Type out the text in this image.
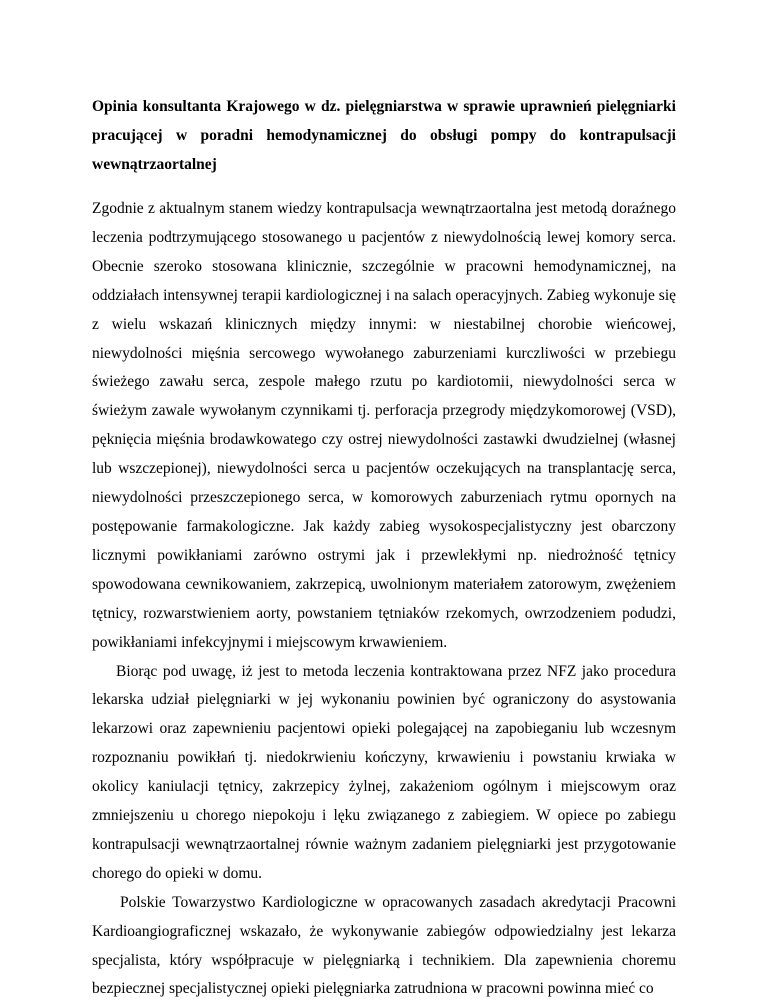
Opinia konsultanta Krajowego w dz. pielęgniarstwa w sprawie uprawnień pielęgniarki pracującej w poradni hemodynamicznej do obsługi pompy do kontrapulsacji wewnątrzaortalnej

Zgodnie z aktualnym stanem wiedzy kontrapulsacja wewnątrzaortalna jest metodą doraźnego leczenia podtrzymującego stosowanego u pacjentów z niewydolnością lewej komory serca. Obecnie szeroko stosowana klinicznie, szczególnie w pracowni hemodynamicznej, na oddziałach intensywnej terapii kardiologicznej i na salach operacyjnych. Zabieg wykonuje się z wielu wskazań klinicznych między innymi: w niestabilnej chorobie wieńcowej, niewydolności mięśnia sercowego wywołanego zaburzeniami kurczliwości w przebiegu świeżego zawału serca, zespole małego rzutu po kardiotomii, niewydolności serca w świeżym zawale wywołanym czynnikami tj. perforacja przegrody międzykomorowej (VSD), pęknięcia mięśnia brodawkowatego czy ostrej niewydolności zastawki dwudzielnej (własnej lub wszczepionej), niewydolności serca u pacjentów oczekujących na transplantację serca, niewydolności przeszczepionego serca, w komorowych zaburzeniach rytmu opornych na postępowanie farmakologiczne. Jak każdy zabieg wysokospecjalistyczny jest obarczony licznymi powikłaniami zarówno ostrymi jak i przewlekłymi np. niedrożność tętnicy spowodowana cewnikowaniem, zakrzepicą, uwolnionym materiałem zatorowym, zwężeniem tętnicy, rozwarstwieniem aorty, powstaniem tętniaków rzekomych, owrzodzeniem podudzi, powikłaniami infekcyjnymi i miejscowym krwawieniem.

Biorąc pod uwagę, iż jest to metoda leczenia kontraktowana przez NFZ jako procedura lekarska udział pielęgniarki w jej wykonaniu powinien być ograniczony do asystowania lekarzowi oraz zapewnieniu pacjentowi opieki polegającej na zapobieganiu lub wczesnym rozpoznaniu powikłań tj. niedokrwieniu kończyny, krwawieniu i powstaniu krwiaka w okolicy kaniulacji tętnicy, zakrzepicy żylnej, zakażeniom ogólnym i miejscowym oraz zmniejszeniu u chorego niepokoju i lęku związanego z zabiegiem. W opiece po zabiegu kontrapulsacji wewnątrzaortalnej równie ważnym zadaniem pielęgniarki jest przygotowanie chorego do opieki w domu.

Polskie Towarzystwo Kardiologiczne w opracowanych zasadach akredytacji Pracowni Kardioangiograficznej wskazało, że wykonywanie zabiegów odpowiedzialny jest lekarza specjalista, który współpracuje w pielęgniarką i technikiem. Dla zapewnienia choremu bezpiecznej specjalistycznej opieki pielęgniarka zatrudniona w pracowni powinna mieć co
